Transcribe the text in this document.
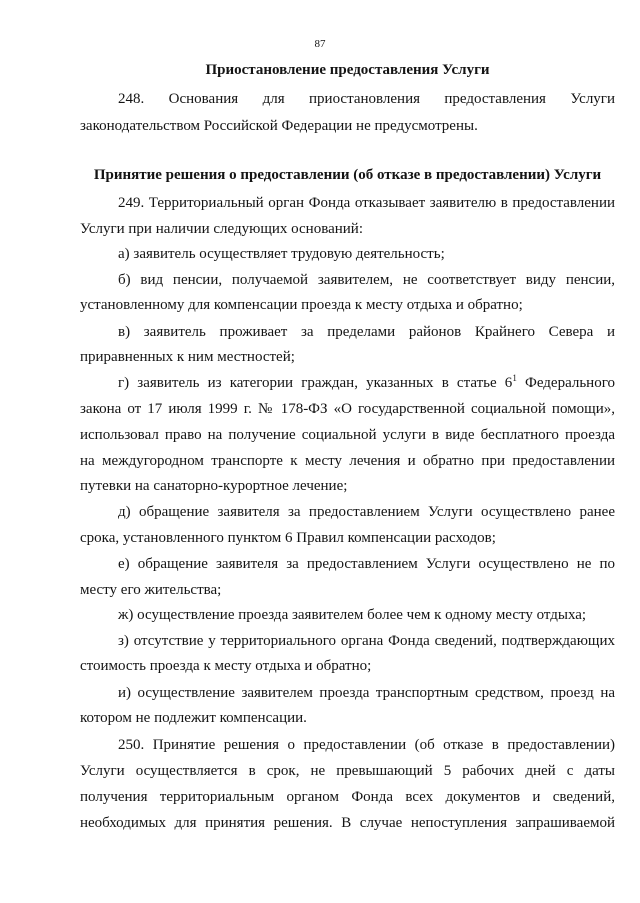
87
Приостановление предоставления Услуги
248. Основания для приостановления предоставления Услуги
законодательством Российской Федерации не предусмотрены.
Принятие решения о предоставлении (об отказе в предоставлении) Услуги
249. Территориальный орган Фонда отказывает заявителю в предоставлении
Услуги при наличии следующих оснований:
а) заявитель осуществляет трудовую деятельность;
б) вид пенсии, получаемой заявителем, не соответствует виду пенсии,
установленному для компенсации проезда к месту отдыха и обратно;
в) заявитель проживает за пределами районов Крайнего Севера и
приравненных к ним местностей;
г) заявитель из категории граждан, указанных в статье $6^1$ Федерального
закона от 17 июля 1999 г. № 178-ФЗ «О государственной социальной помощи»,
использовал право на получение социальной услуги в виде бесплатного проезда
на междугородном транспорте к месту лечения и обратно при предоставлении
путевки на санаторно-курортное лечение;
д) обращение заявителя за предоставлением Услуги осуществлено ранее
срока, установленного пунктом 6 Правил компенсации расходов;
е) обращение заявителя за предоставлением Услуги осуществлено не по
месту его жительства;
ж) осуществление проезда заявителем более чем к одному месту отдыха;
з) отсутствие у территориального органа Фонда сведений, подтверждающих
стоимость проезда к месту отдыха и обратно;
и) осуществление заявителем проезда транспортным средством, проезд на
котором не подлежит компенсации.
250. Принятие решения о предоставлении (об отказе в предоставлении)
Услуги осуществляется в срок, не превышающий 5 рабочих дней с даты
получения территориальным органом Фонда всех документов и сведений,
необходимых для принятия решения. В случае непоступления запрашиваемой
